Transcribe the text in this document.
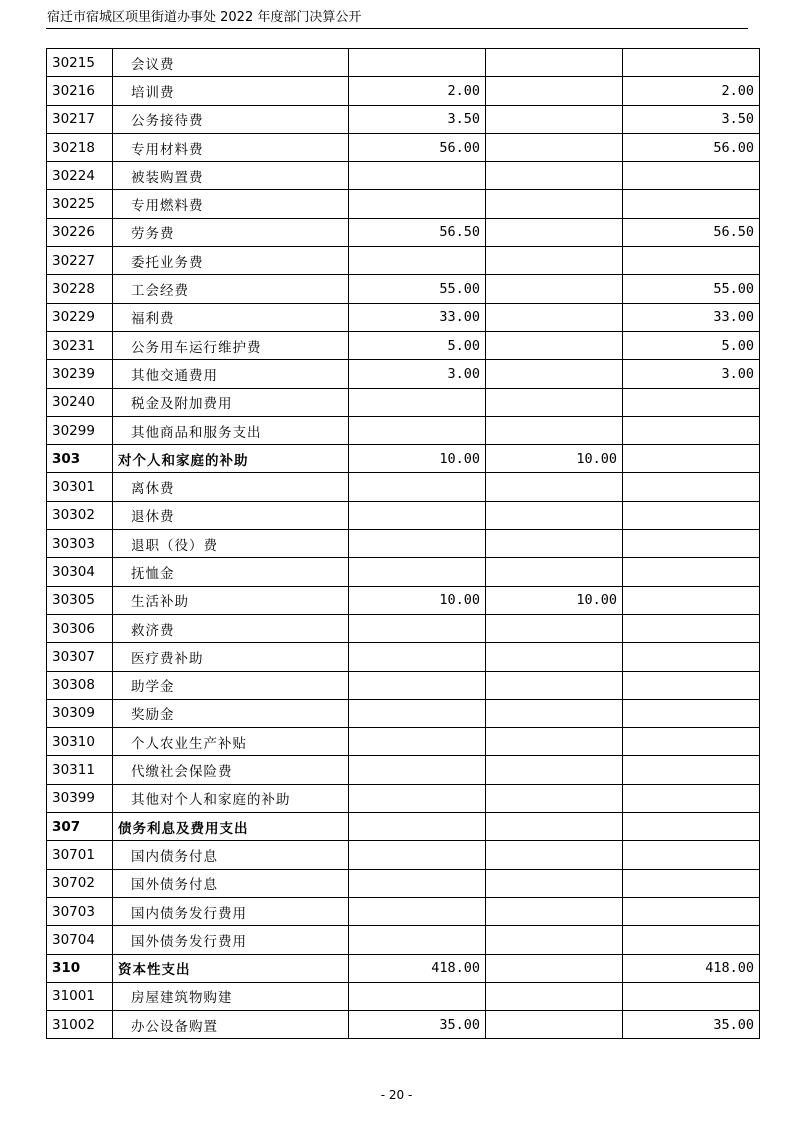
宿迁市宿城区项里街道办事处 2022 年度部门决算公开
30215	会议费			
30216	培训费	2.00		2.00
30217	公务接待费	3.50		3.50
30218	专用材料费	56.00		56.00
30224	被装购置费			
30225	专用燃料费			
30226	劳务费	56.50		56.50
30227	委托业务费			
30228	工会经费	55.00		55.00
30229	福利费	33.00		33.00
30231	公务用车运行维护费	5.00		5.00
30239	其他交通费用	3.00		3.00
30240	税金及附加费用			
30299	其他商品和服务支出			
303	对个人和家庭的补助	10.00	10.00	
30301	离休费			
30302	退休费			
30303	退职（役）费			
30304	抚恤金			
30305	生活补助	10.00	10.00	
30306	救济费			
30307	医疗费补助			
30308	助学金			
30309	奖励金			
30310	个人农业生产补贴			
30311	代缴社会保险费			
30399	其他对个人和家庭的补助			
307	债务利息及费用支出			
30701	国内债务付息			
30702	国外债务付息			
30703	国内债务发行费用			
30704	国外债务发行费用			
310	资本性支出	418.00		418.00
31001	房屋建筑物购建			
31002	办公设备购置	35.00		35.00
- 20 -
